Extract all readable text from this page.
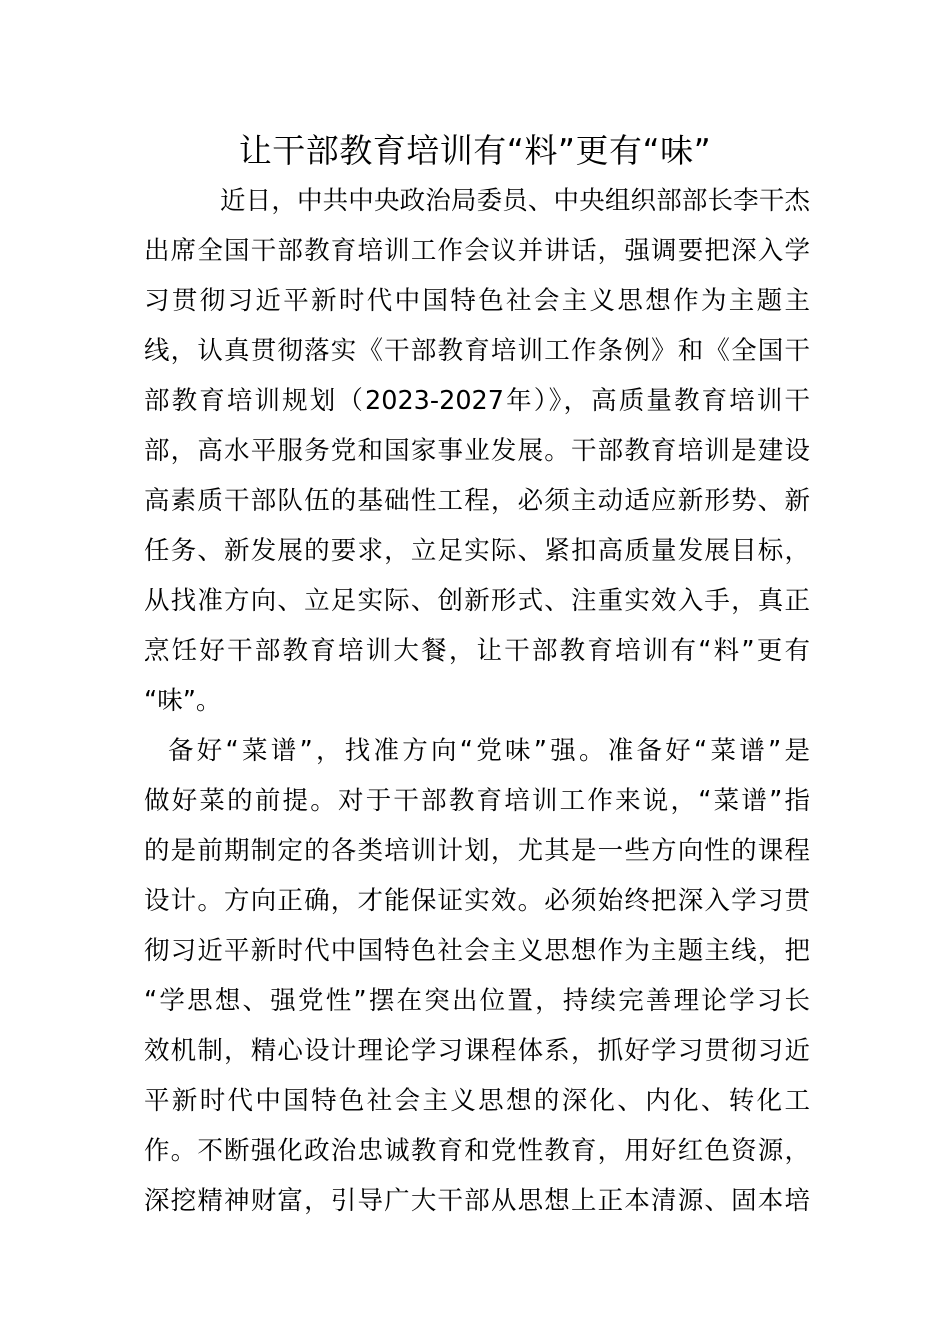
让干部教育培训有“料”更有“味”
近日，中共中央政治局委员、中央组织部部长李干杰
出席全国干部教育培训工作会议并讲话，强调要把深入学
习贯彻习近平新时代中国特色社会主义思想作为主题主
线，认真贯彻落实《干部教育培训工作条例》和《全国干
部教育培训规划（2023-2027年）》，高质量教育培训干
部，高水平服务党和国家事业发展。干部教育培训是建设
高素质干部队伍的基础性工程，必须主动适应新形势、新
任务、新发展的要求，立足实际、紧扣高质量发展目标，
从找准方向、立足实际、创新形式、注重实效入手，真正
烹饪好干部教育培训大餐，让干部教育培训有“料”更有
“味”。
备好“菜谱”，找准方向“党味”强。准备好“菜谱”是
做好菜的前提。对于干部教育培训工作来说，“菜谱”指
的是前期制定的各类培训计划，尤其是一些方向性的课程
设计。方向正确，才能保证实效。必须始终把深入学习贯
彻习近平新时代中国特色社会主义思想作为主题主线，把
“学思想、强党性”摆在突出位置，持续完善理论学习长
效机制，精心设计理论学习课程体系，抓好学习贯彻习近
平新时代中国特色社会主义思想的深化、内化、转化工
作。不断强化政治忠诚教育和党性教育，用好红色资源，
深挖精神财富，引导广大干部从思想上正本清源、固本培
